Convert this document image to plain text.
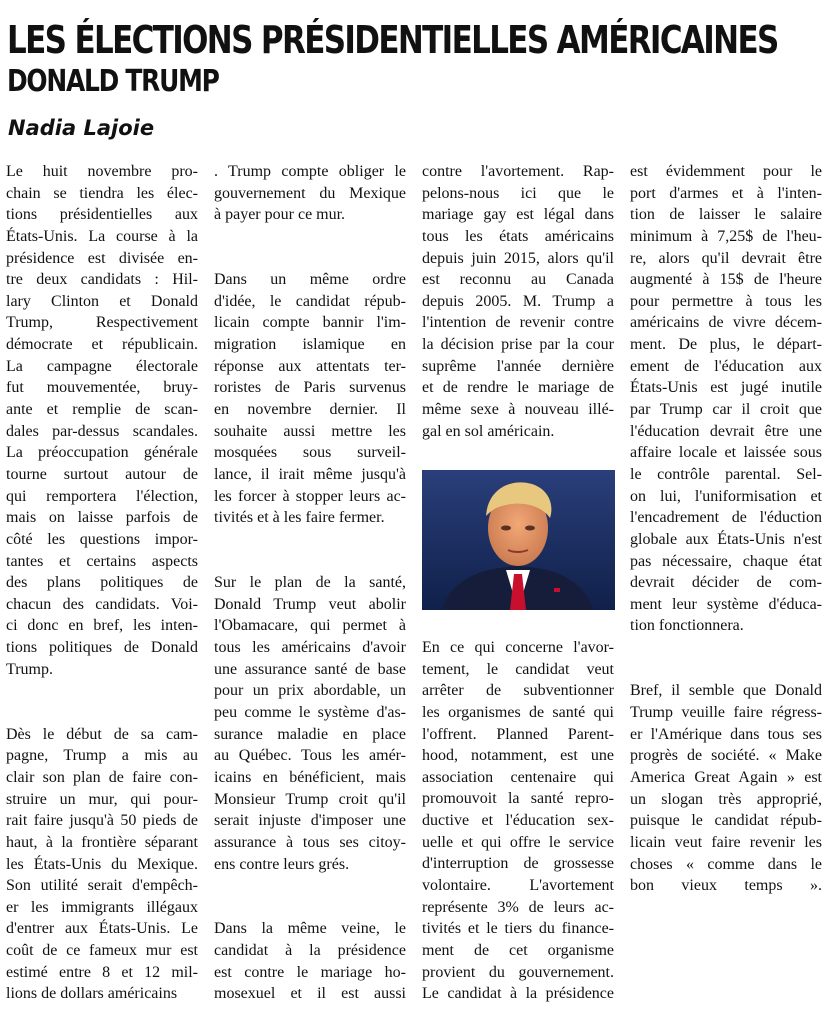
LES ÉLECTIONS PRÉSIDENTIELLES AMÉRICAINES
DONALD TRUMP

Nadia Lajoie

Le huit novembre pro-
chain se tiendra les élec-
tions présidentielles aux
États-Unis. La course à la
présidence est divisée en-
tre deux candidats : Hil-
lary Clinton et Donald
Trump, Respectivement
démocrate et républicain.
La campagne électorale
fut mouvementée, bruy-
ante et remplie de scan-
dales par-dessus scandales.
La préoccupation générale
tourne surtout autour de
qui remportera l'élection,
mais on laisse parfois de
côté les questions impor-
tantes et certains aspects
des plans politiques de
chacun des candidats. Voi-
ci donc en bref, les inten-
tions politiques de Donald
Trump.
Dès le début de sa cam-
pagne, Trump a mis au
clair son plan de faire con-
struire un mur, qui pour-
rait faire jusqu'à 50 pieds de
haut, à la frontière séparant
les États-Unis du Mexique.
Son utilité serait d'empêch-
er les immigrants illégaux
d'entrer aux États-Unis. Le
coût de ce fameux mur est
estimé entre 8 et 12 mil-
lions de dollars américains
. Trump compte obliger le
gouvernement du Mexique
à payer pour ce mur.
Dans un même ordre
d'idée, le candidat répub-
licain compte bannir l'im-
migration islamique en
réponse aux attentats ter-
roristes de Paris survenus
en novembre dernier. Il
souhaite aussi mettre les
mosquées sous surveil-
lance, il irait même jusqu'à
les forcer à stopper leurs ac-
tivités et à les faire fermer.
Sur le plan de la santé,
Donald Trump veut abolir
l'Obamacare, qui permet à
tous les américains d'avoir
une assurance santé de base
pour un prix abordable, un
peu comme le système d'as-
surance maladie en place
au Québec. Tous les amér-
icains en bénéficient, mais
Monsieur Trump croit qu'il
serait injuste d'imposer une
assurance à tous ses citoy-
ens contre leurs grés.
Dans la même veine, le
candidat à la présidence
est contre le mariage ho-
mosexuel et il est aussi
contre l'avortement. Rap-
pelons-nous ici que le
mariage gay est légal dans
tous les états américains
depuis juin 2015, alors qu'il
est reconnu au Canada
depuis 2005. M. Trump a
l'intention de revenir contre
la décision prise par la cour
suprême l'année dernière
et de rendre le mariage de
même sexe à nouveau illé-
gal en sol américain.
est évidemment pour le
port d'armes et à l'inten-
tion de laisser le salaire
minimum à 7,25$ de l'heu-
re, alors qu'il devrait être
augmenté à 15$ de l'heure
pour permettre à tous les
américains de vivre décem-
ment. De plus, le départ-
ement de l'éducation aux
États-Unis est jugé inutile
par Trump car il croit que
l'éducation devrait être une
affaire locale et laissée sous
le contrôle parental. Sel-
on lui, l'uniformisation et
l'encadrement de l'éduction
globale aux États-Unis n'est
pas nécessaire, chaque état
devrait décider de com-
ment leur système d'éduca-
tion fonctionnera.
Bref, il semble que Donald
Trump veuille faire régress-
er l'Amérique dans tous ses
progrès de société. « Make
America Great Again » est
un slogan très approprié,
puisque le candidat répub-
licain veut faire revenir les
choses « comme dans le
bon vieux temps ».
En ce qui concerne l'avor-
tement, le candidat veut
arrêter de subventionner
les organismes de santé qui
l'offrent. Planned Parent-
hood, notamment, est une
association centenaire qui
promouvoit la santé repro-
ductive et l'éducation sex-
uelle et qui offre le service
d'interruption de grossesse
volontaire. L'avortement
représente 3% de leurs ac-
tivités et le tiers du finance-
ment de cet organisme
provient du gouvernement.
Le candidat à la présidence
